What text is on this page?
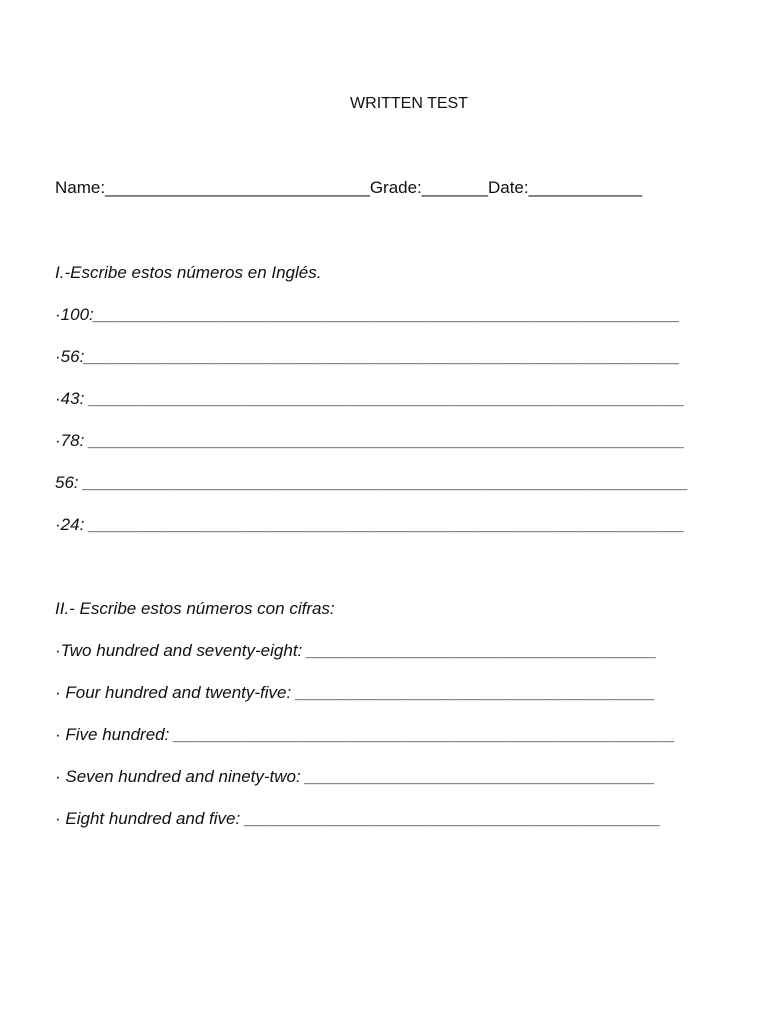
WRITTEN TEST
Name:____________________________Grade:_______Date:____________
I.-Escribe estos números en Inglés.
·100:______________________________________________________________
·56:_______________________________________________________________
·43: _______________________________________________________________
·78: _______________________________________________________________
56: ________________________________________________________________
·24: _______________________________________________________________
II.- Escribe estos números con cifras:
·Two hundred and seventy-eight: _____________________________________
· Four hundred and twenty-five: ______________________________________
· Five hundred: _____________________________________________________
· Seven hundred and ninety-two: _____________________________________
· Eight hundred and five: ____________________________________________
